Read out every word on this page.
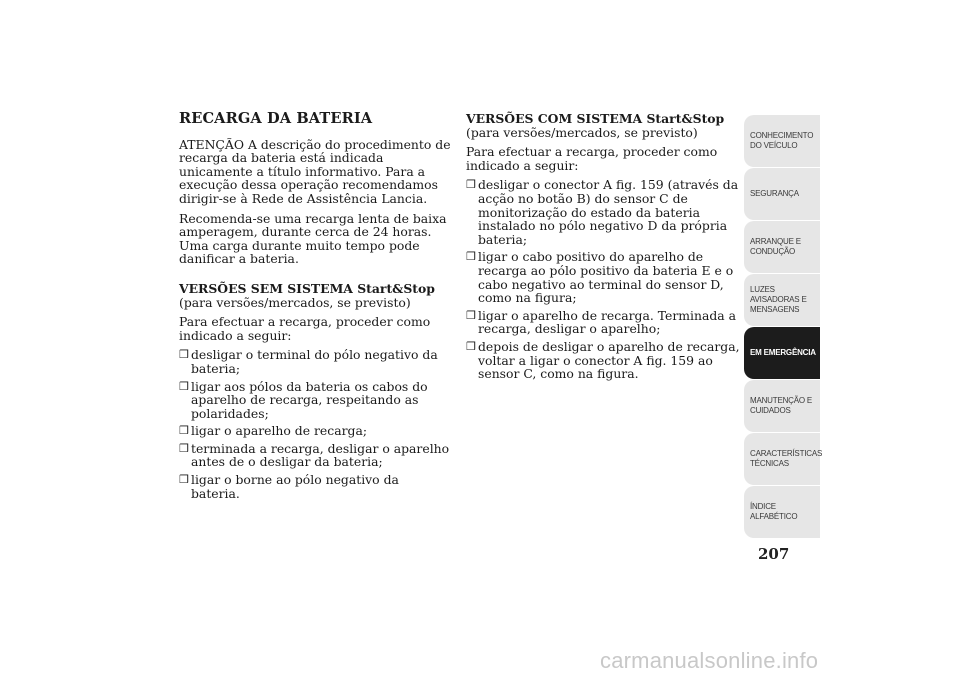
RECARGA DA BATERIA

ATENÇÃO A descrição do procedimento de recarga da bateria está indicada unicamente a título informativo. Para a execução dessa operação recomendamos dirigir-se à Rede de Assistência Lancia.

Recomenda-se uma recarga lenta de baixa amperagem, durante cerca de 24 horas. Uma carga durante muito tempo pode danificar a bateria.

VERSÕES SEM SISTEMA Start&Stop

(para versões/mercados, se previsto)

Para efectuar a recarga, proceder como indicado a seguir:

❒ desligar o terminal do pólo negativo da bateria;
❒ ligar aos pólos da bateria os cabos do aparelho de recarga, respeitando as polaridades;
❒ ligar o aparelho de recarga;
❒ terminada a recarga, desligar o aparelho antes de o desligar da bateria;
❒ ligar o borne ao pólo negativo da bateria.
VERSÕES COM SISTEMA Start&Stop

(para versões/mercados, se previsto)

Para efectuar a recarga, proceder como indicado a seguir:

❒ desligar o conector A fig. 159 (através da acção no botão B) do sensor C de monitorização do estado da bateria instalado no pólo negativo D da própria bateria;
❒ ligar o cabo positivo do aparelho de recarga ao pólo positivo da bateria E e o cabo negativo ao terminal do sensor D, como na figura;
❒ ligar o aparelho de recarga. Terminada a recarga, desligar o aparelho;
❒ depois de desligar o aparelho de recarga, voltar a ligar o conector A fig. 159 ao sensor C, como na figura.
CONHECIMENTO
DO VEÍCULO
SEGURANÇA
ARRANQUE E
CONDUÇÃO
LUZES
AVISADORAS E
MENSAGENS
EM EMERGÊNCIA
MANUTENÇÃO E
CUIDADOS
CARACTERÍSTICAS
TÉCNICAS
ÍNDICE
ALFABÉTICO
207
carmanualsonline.info
